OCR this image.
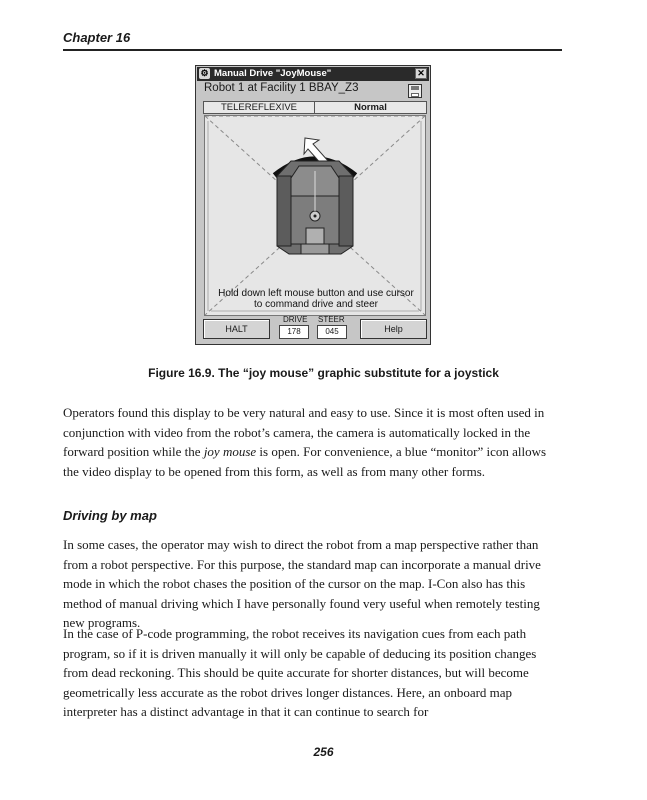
Chapter 16
⚙ Manual Drive "JoyMouse"	✕
Robot 1 at Facility 1 BBAY_Z3
TELEREFLEXIVE	Normal
Hold down left mouse button and use cursor to command drive and steer
HALT
DRIVE STEER
178	045	Help
Figure 16.9. The “joy mouse” graphic substitute for a joystick

Operators found this display to be very natural and easy to use. Since it is most often used in conjunction with video from the robot’s camera, the camera is automatically locked in the forward position while the joy mouse is open. For convenience, a blue “monitor” icon allows the video display to be opened from this form, as well as from many other forms.

Driving by map

In some cases, the operator may wish to direct the robot from a map perspective rather than from a robot perspective. For this purpose, the standard map can incorporate a manual drive mode in which the robot chases the position of the cursor on the map. I-Con also has this method of manual driving which I have personally found very useful when remotely testing new programs.

In the case of P-code programming, the robot receives its navigation cues from each path program, so if it is driven manually it will only be capable of deducing its position changes from dead reckoning. This should be quite accurate for shorter distances, but will become geometrically less accurate as the robot drives longer distances. Here, an onboard map interpreter has a distinct advantage in that it can continue to search for

256
